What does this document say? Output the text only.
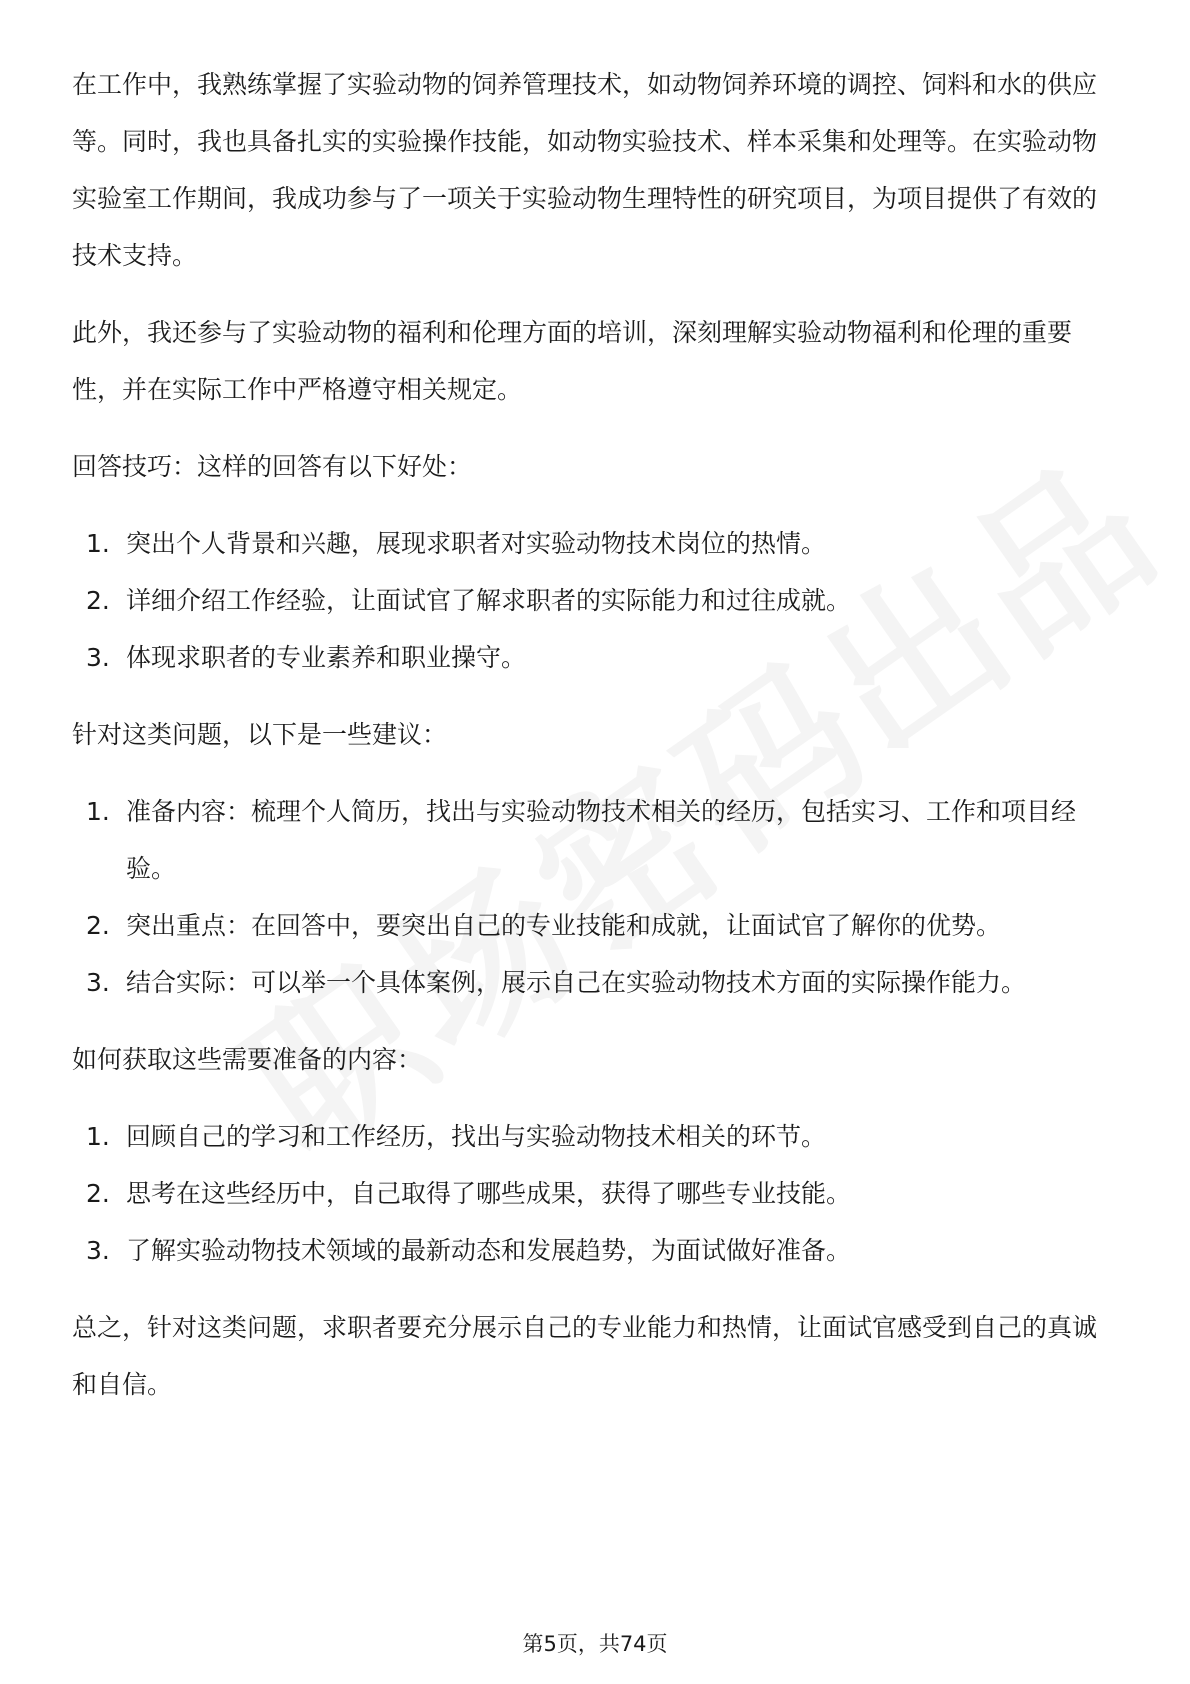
在工作中，我熟练掌握了实验动物的饲养管理技术，如动物饲养环境的调控、饲料和水的供应等。同时，我也具备扎实的实验操作技能，如动物实验技术、样本采集和处理等。在实验动物实验室工作期间，我成功参与了一项关于实验动物生理特性的研究项目，为项目提供了有效的技术支持。

此外，我还参与了实验动物的福利和伦理方面的培训，深刻理解实验动物福利和伦理的重要性，并在实际工作中严格遵守相关规定。

回答技巧：这样的回答有以下好处：

1. 突出个人背景和兴趣，展现求职者对实验动物技术岗位的热情。
2. 详细介绍工作经验，让面试官了解求职者的实际能力和过往成就。
3. 体现求职者的专业素养和职业操守。

针对这类问题，以下是一些建议：

1. 准备内容：梳理个人简历，找出与实验动物技术相关的经历，包括实习、工作和项目经验。
2. 突出重点：在回答中，要突出自己的专业技能和成就，让面试官了解你的优势。
3. 结合实际：可以举一个具体案例，展示自己在实验动物技术方面的实际操作能力。

如何获取这些需要准备的内容：

1. 回顾自己的学习和工作经历，找出与实验动物技术相关的环节。
2. 思考在这些经历中，自己取得了哪些成果，获得了哪些专业技能。
3. 了解实验动物技术领域的最新动态和发展趋势，为面试做好准备。

总之，针对这类问题，求职者要充分展示自己的专业能力和热情，让面试官感受到自己的真诚和自信。

第5页，共74页
